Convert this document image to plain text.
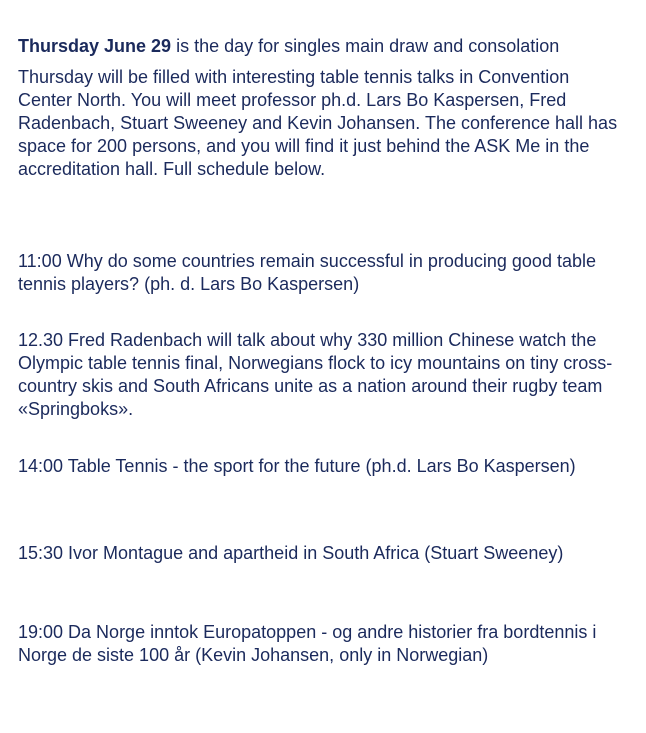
Thursday June 29 is the day for singles main draw and consolation

Thursday will be filled with interesting table tennis talks in Convention Center North. You will meet professor ph.d. Lars Bo Kaspersen, Fred Radenbach, Stuart Sweeney and Kevin Johansen. The conference hall has space for 200 persons, and you will find it just behind the ASK Me in the accreditation hall. Full schedule below.

11:00 Why do some countries remain successful in producing good table tennis players? (ph. d. Lars Bo Kaspersen)

12.30 Fred Radenbach will talk about why 330 million Chinese watch the Olympic table tennis final, Norwegians flock to icy mountains on tiny cross-country skis and South Africans unite as a nation around their rugby team «Springboks».

14:00 Table Tennis - the sport for the future (ph.d. Lars Bo Kaspersen)

15:30 Ivor Montague and apartheid in South Africa (Stuart Sweeney)

19:00 Da Norge inntok Europatoppen - og andre historier fra bordtennis i Norge de siste 100 år (Kevin Johansen, only in Norwegian)
